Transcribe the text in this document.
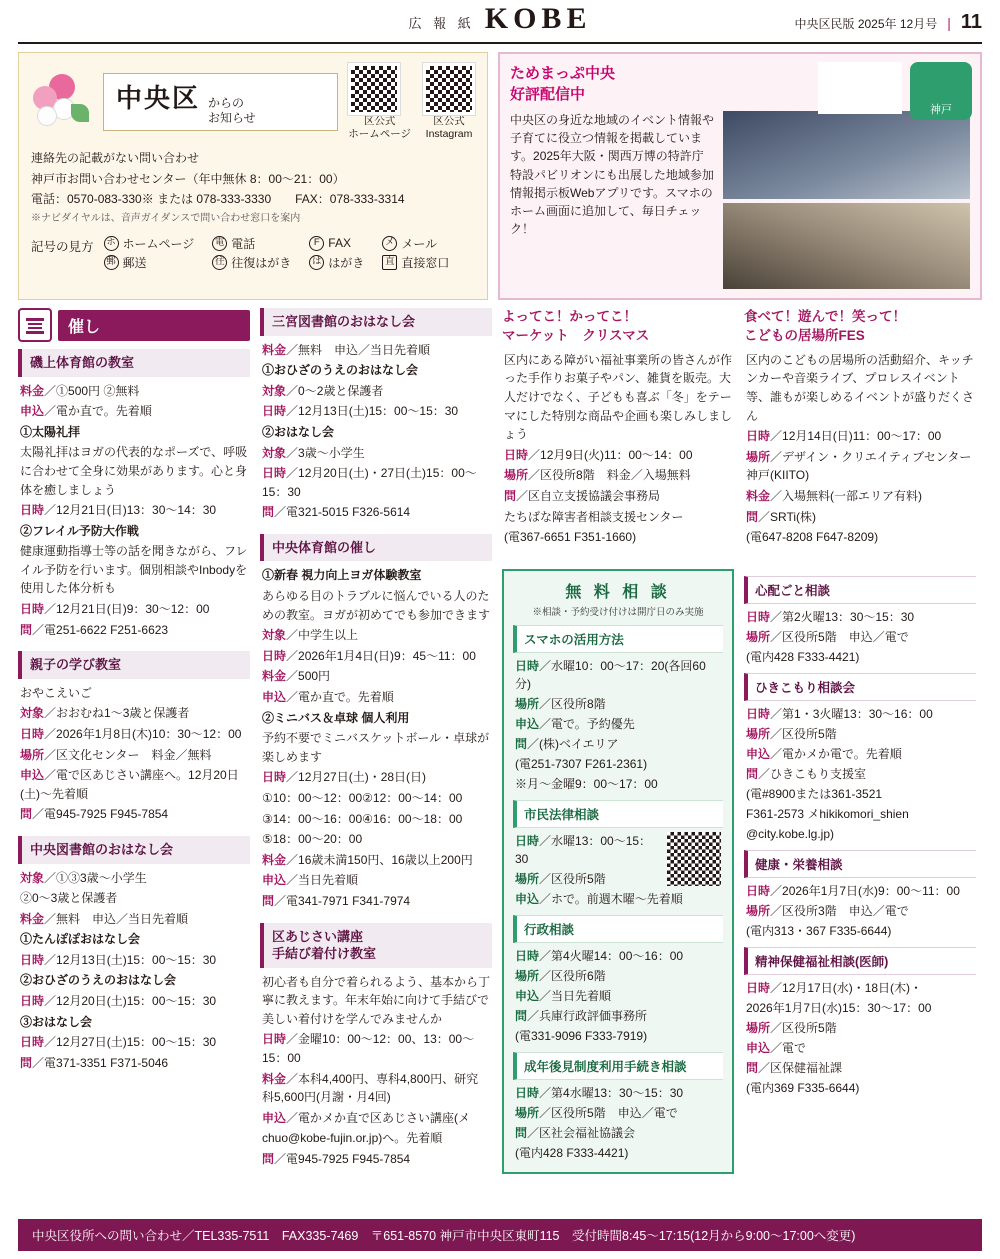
広 報 紙 KOBE	中央区民版 2025年 12月号 | 11
中央区 からの
お知らせ	区公式
ホームページ
区公式
Instagram

連絡先の記載がない問い合わせ

神戸市お問い合わせセンター（年中無休 8：00～21：00）

電話：0570-083-330※ または 078-333-3330　　FAX：078-333-3314

※ナビダイヤルは、音声ガイダンスで問い合わせ窓口を案内

記号の見方 ホ ホームページ 電 電話	F FAX	メ メール
郵 郵送	往 往復はがき は はがき 直 直接窓口
ためまっぷ中央
好評配信中
中央区の身近な地域のイベント情報や子育てに役立つ情報を掲載しています。2025年大阪・関西万博の特許庁特設パビリオンにも出展した地域参加情報掲示板Webアプリです。スマホのホーム画面に追加して、毎日チェック！
神戸
催し
磯上体育館の教室

料金／①500円 ②無料

申込／電か直で。先着順

①太陽礼拝

太陽礼拝はヨガの代表的なポーズで、呼吸に合わせて全身に効果があります。心と身体を癒しましょう

日時／12月21日(日)13：30～14：30

②フレイル予防大作戦

健康運動指導士等の話を聞きながら、フレイル予防を行います。個別相談やInbodyを使用した体分析も

日時／12月21日(日)9：30～12：00

問／電251-6622 F251-6623

親子の学び教室

おやこえいご

対象／おおむね1～3歳と保護者

日時／2026年1月8日(木)10：30～12：00

場所／区文化センター　料金／無料

申込／電で区あじさい講座へ。12月20日(土)～先着順

問／電945-7925 F945-7854

中央図書館のおはなし会

対象／①③3歳～小学生

②0～3歳と保護者

料金／無料　申込／当日先着順

①たんぽぽおはなし会

日時／12月13日(土)15：00～15：30

②おひざのうえのおはなし会

日時／12月20日(土)15：00～15：30

③おはなし会

日時／12月27日(土)15：00～15：30

問／電371-3351 F371-5046

三宮図書館のおはなし会

料金／無料　申込／当日先着順

①おひざのうえのおはなし会

対象／0～2歳と保護者

日時／12月13日(土)15：00～15：30

②おはなし会

対象／3歳～小学生

日時／12月20日(土)・27日(土)15：00～15：30

問／電321-5015 F326-5614

中央体育館の催し

①新春 視力向上ヨガ体験教室

あらゆる目のトラブルに悩んでいる人のための教室。ヨガが初めてでも参加できます

対象／中学生以上

日時／2026年1月4日(日)9：45～11：00

料金／500円

申込／電か直で。先着順

②ミニバス＆卓球 個人利用

予約不要でミニバスケットボール・卓球が楽しめます

日時／12月27日(土)・28日(日)

①10：00～12：00②12：00～14：00

③14：00～16：00④16：00～18：00

⑤18：00～20：00

料金／16歳未満150円、16歳以上200円

申込／当日先着順

問／電341-7971 F341-7974

区あじさい講座
手結び着付け教室

初心者も自分で着られるよう、基本から丁寧に教えます。年末年始に向けて手結びで美しい着付けを学んでみませんか

日時／金曜10：00～12：00、13：00～15：00

料金／本科4,400円、専科4,800円、研究科5,600円(月謝・月4回)

申込／電かメか直で区あじさい講座(メ

chuo@kobe-fujin.or.jp)へ。先着順

問／電945-7925 F945-7854

よってこ！かってこ！
マーケット　クリスマス

区内にある障がい福祉事業所の皆さんが作った手作りお菓子やパン、雑貨を販売。大人だけでなく、子どもも喜ぶ「冬」をテーマにした特別な商品や企画も楽しみしましょう

日時／12月9日(火)11：00～14：00

場所／区役所8階　料金／入場無料

問／区自立支援協議会事務局

たちばな障害者相談支援センター

(電367-6651 F351-1660)

食べて！遊んで！笑って！
こどもの居場所FES

区内のこどもの居場所の活動紹介、キッチンカーや音楽ライブ、プロレスイベント等、誰もが楽しめるイベントが盛りだくさん

日時／12月14日(日)11：00～17：00

場所／デザイン・クリエイティブセンター神戸(KIITO)

料金／入場無料(一部エリア有料)

問／SRTi(株)

(電647-8208 F647-8209)

無 料 相 談
※相談・予約受け付けは開庁日のみ実施
スマホの活用方法

日時／水曜10：00～17：20(各回60分)

場所／区役所8階

申込／電で。予約優先

問／(株)ベイエリア

(電251-7307 F261-2361)

※月～金曜9：00～17：00

市民法律相談

日時／水曜13：00～15：30

場所／区役所5階

申込／ホで。前週木曜～先着順

行政相談

日時／第4火曜14：00～16：00

場所／区役所6階

申込／当日先着順

問／兵庫行政評価事務所

(電331-9096 F333-7919)

成年後見制度利用手続き相談

日時／第4水曜13：30～15：30

場所／区役所5階　申込／電で

問／区社会福祉協議会

(電内428 F333-4421)

心配ごと相談

日時／第2火曜13：30～15：30

場所／区役所5階　申込／電で

(電内428 F333-4421)

ひきこもり相談会

日時／第1・3火曜13：30～16：00

場所／区役所5階

申込／電かメか電で。先着順

問／ひきこもり支援室

(電#8900または361-3521

F361-2573 メhikikomori_shien

@city.kobe.lg.jp)

健康・栄養相談

日時／2026年1月7日(水)9：00～11：00

場所／区役所3階　申込／電で

(電内313・367 F335-6644)

精神保健福祉相談(医師)

日時／12月17日(水)・18日(木)・

2026年1月7日(水)15：30～17：00

場所／区役所5階

申込／電で

問／区保健福祉課

(電内369 F335-6644)

中央区役所への問い合わせ／TEL335-7511　FAX335-7469　〒651-8570 神戸市中央区東町115　受付時間8:45～17:15(12月から9:00～17:00へ変更)
